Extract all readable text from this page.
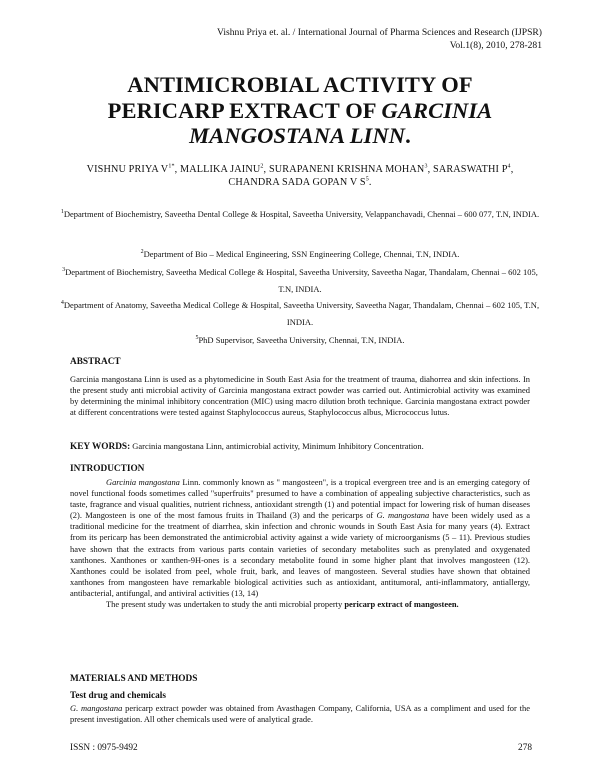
Vishnu Priya et. al. / International Journal of Pharma Sciences and Research (IJPSR)
Vol.1(8), 2010, 278-281
ANTIMICROBIAL ACTIVITY OF
PERICARP EXTRACT OF GARCINIA
MANGOSTANA LINN.
VISHNU PRIYA $V^{1*}$, MALLIKA JAINU$^2$, SURAPANENI KRISHNA MOHAN$^3$, SARASWATHI $P^4$,
CHANDRA SADA GOPAN V $S^5$.
$^1$Department of Biochemistry, Saveetha Dental College & Hospital, Saveetha University, Velappanchavadi, Chennai – 600 077, T.N, INDIA.
$^2$Department of Bio – Medical Engineering, SSN Engineering College, Chennai, T.N, INDIA.
$^3$Department of Biochemistry, Saveetha Medical College & Hospital, Saveetha University, Saveetha Nagar, Thandalam, Chennai – 602 105, T.N, INDIA.
$^4$Department of Anatomy, Saveetha Medical College & Hospital, Saveetha University, Saveetha Nagar, Thandalam, Chennai – 602 105, T.N, INDIA.
$^5$PhD Supervisor, Saveetha University, Chennai, T.N, INDIA.
ABSTRACT
Garcinia mangostana Linn is used as a phytomedicine in South East Asia for the treatment of trauma, diahorrea and skin infections. In the present study anti microbial activity of Garcinia mangostana extract powder was carried out. Antimicrobial activity was examined by determining the minimal inhibitory concentration (MIC) using macro dilution broth technique. Garcinia mangostana extract powder at different concentrations were tested against Staphylococcus aureus, Staphylococcus albus, Micrococcus lutus.
KEY WORDS: Garcinia mangostana Linn, antimicrobial activity, Minimum Inhibitory Concentration.
INTRODUCTION
Garcinia mangostana Linn. commonly known as " mangosteen", is a tropical evergreen tree and is an emerging category of novel functional foods sometimes called "superfruits" presumed to have a combination of appealing subjective characteristics, such as taste, fragrance and visual qualities, nutrient richness, antioxidant strength (1) and potential impact for lowering risk of human diseases (2). Mangosteen is one of the most famous fruits in Thailand (3) and the pericarps of G. mangostana have been widely used as a traditional medicine for the treatment of diarrhea, skin infection and chronic wounds in South East Asia for many years (4). Extract from its pericarp has been demonstrated the antimicrobial activity against a wide variety of microorganisms (5 – 11). Previous studies have shown that the extracts from various parts contain varieties of secondary metabolites such as prenylated and oxygenated xanthones. Xanthones or xanthen-9H-ones is a secondary metabolite found in some higher plant that involves mangosteen (12). Xanthones could be isolated from peel, whole fruit, bark, and leaves of mangosteen. Several studies have shown that obtained xanthones from mangosteen have remarkable biological activities such as antioxidant, antitumoral, anti-inflammatory, antiallergy, antibacterial, antifungal, and antiviral activities (13, 14)
The present study was undertaken to study the anti microbial property pericarp extract of mangosteen.
MATERIALS AND METHODS
Test drug and chemicals
G. mangostana pericarp extract powder was obtained from Avasthagen Company, California, USA as a compliment and used for the present investigation. All other chemicals used were of analytical grade.
ISSN : 0975-9492	278
